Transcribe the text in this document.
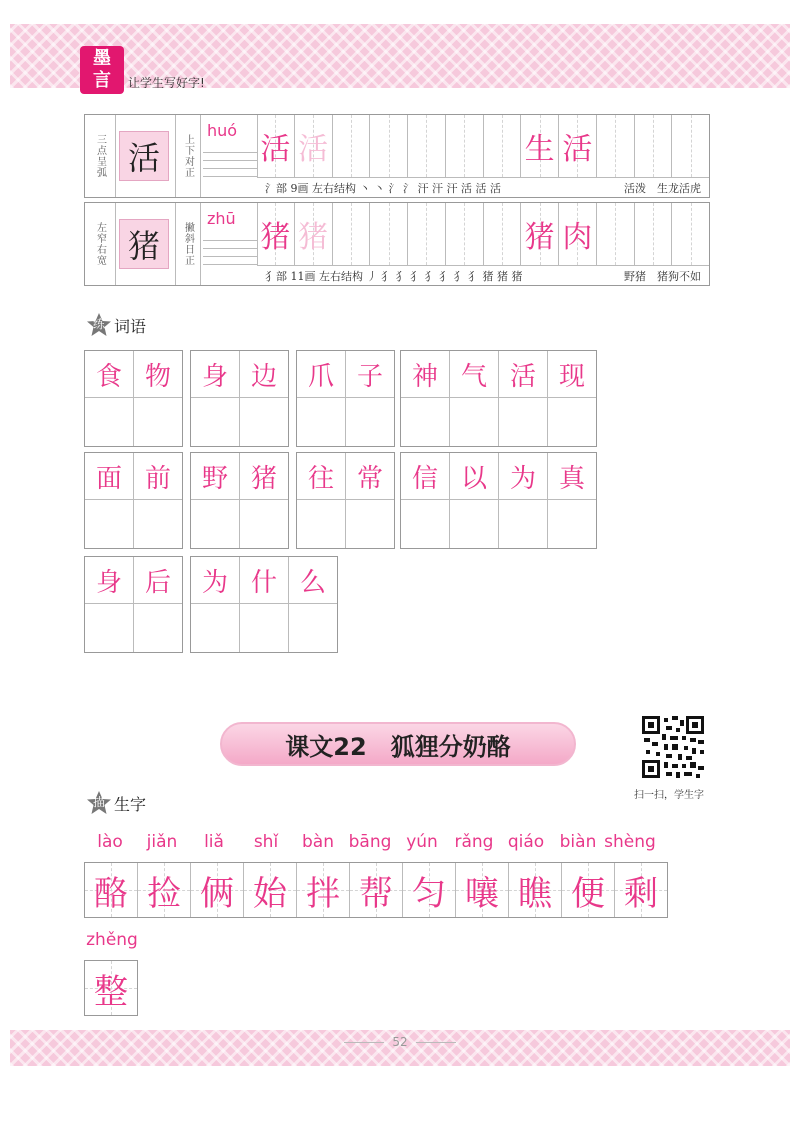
墨
言	让学生写好字!
三点呈弧 活	上下对正
huó
活 活	生 活
氵部 9画 左右结构 丶 丶 氵 氵 汗 汗 汗 活 活 活	活泼　生龙活虎
左窄右宽 猪	撇斜日正
zhū
猪 猪	猪 肉
犭部 11画 左右结构 丿 犭 犭 犭 犭 犭 犭 犭 猪 猪 猪	野猪　猪狗不如
练 词语
食 物	身 边	爪 子	神 气 活 现
面 前	野 猪	往 常	信 以 为 真
身 后	为 什 么
课文22　狐狸分奶酪
扫一扫，学生字
描 生字
lào	jiǎn	liǎ	shǐ	bàn bāng yún rǎng qiáo biàn shèng
酪 捡 俩 始 拌 帮 匀 嚷 瞧 便 剩
zhěng
整
52
